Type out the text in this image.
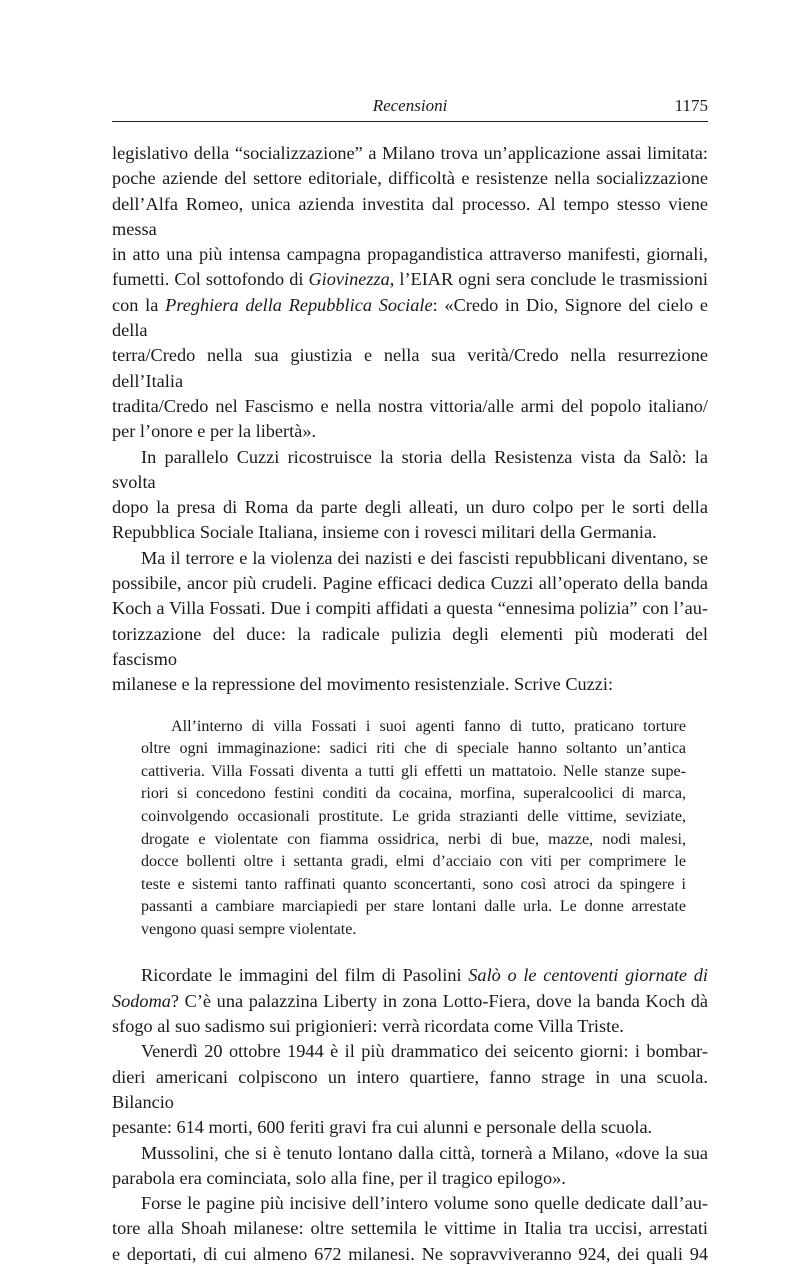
Recensioni	1175

legislativo della “socializzazione” a Milano trova un’applicazione assai limitata:
poche aziende del settore editoriale, difficoltà e resistenze nella socializzazione
dell’Alfa Romeo, unica azienda investita dal processo. Al tempo stesso viene messa
in atto una più intensa campagna propagandistica attraverso manifesti, giornali,
fumetti. Col sottofondo di Giovinezza, l’EIAR ogni sera conclude le trasmissioni
con la Preghiera della Repubblica Sociale: «Credo in Dio, Signore del cielo e della
terra/Credo nella sua giustizia e nella sua verità/Credo nella resurrezione dell’Italia
tradita/Credo nel Fascismo e nella nostra vittoria/alle armi del popolo italiano/
per l’onore e per la libertà».

In parallelo Cuzzi ricostruisce la storia della Resistenza vista da Salò: la svolta
dopo la presa di Roma da parte degli alleati, un duro colpo per le sorti della
Repubblica Sociale Italiana, insieme con i rovesci militari della Germania.

Ma il terrore e la violenza dei nazisti e dei fascisti repubblicani diventano, se
possibile, ancor più crudeli. Pagine efficaci dedica Cuzzi all’operato della banda
Koch a Villa Fossati. Due i compiti affidati a questa “ennesima polizia” con l’au-
torizzazione del duce: la radicale pulizia degli elementi più moderati del fascismo
milanese e la repressione del movimento resistenziale. Scrive Cuzzi:

All’interno di villa Fossati i suoi agenti fanno di tutto, praticano torture
oltre ogni immaginazione: sadici riti che di speciale hanno soltanto un’antica
cattiveria. Villa Fossati diventa a tutti gli effetti un mattatoio. Nelle stanze supe-
riori si concedono festini conditi da cocaina, morfina, superalcoolici di marca,
coinvolgendo occasionali prostitute. Le grida strazianti delle vittime, seviziate,
drogate e violentate con fiamma ossidrica, nerbi di bue, mazze, nodi malesi,
docce bollenti oltre i settanta gradi, elmi d’acciaio con viti per comprimere le
teste e sistemi tanto raffinati quanto sconcertanti, sono così atroci da spingere i
passanti a cambiare marciapiedi per stare lontani dalle urla. Le donne arrestate
vengono quasi sempre violentate.

Ricordate le immagini del film di Pasolini Salò o le centoventi giornate di
Sodoma? C’è una palazzina Liberty in zona Lotto-Fiera, dove la banda Koch dà
sfogo al suo sadismo sui prigionieri: verrà ricordata come Villa Triste.

Venerdì 20 ottobre 1944 è il più drammatico dei seicento giorni: i bombar-
dieri americani colpiscono un intero quartiere, fanno strage in una scuola. Bilancio
pesante: 614 morti, 600 feriti gravi fra cui alunni e personale della scuola.

Mussolini, che si è tenuto lontano dalla città, tornerà a Milano, «dove la sua
parabola era cominciata, solo alla fine, per il tragico epilogo».

Forse le pagine più incisive dell’intero volume sono quelle dedicate dall’au-
tore alla Shoah milanese: oltre settemila le vittime in Italia tra uccisi, arrestati
e deportati, di cui almeno 672 milanesi. Ne sopravviveranno 924, dei quali 94
